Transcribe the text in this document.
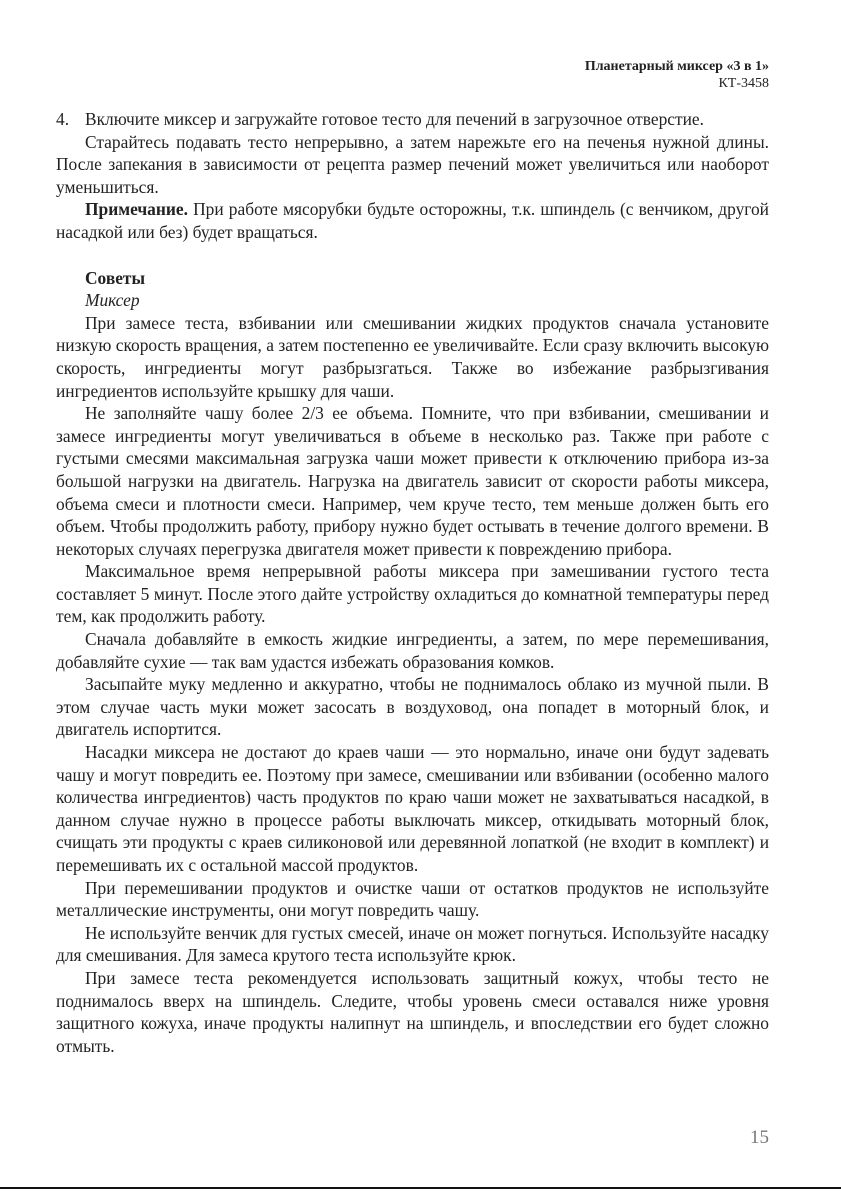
Планетарный миксер «3 в 1»
КТ-3458

4. Включите миксер и загружайте готовое тесто для печений в загрузочное отверстие.

Старайтесь подавать тесто непрерывно, а затем нарежьте его на печенья нужной длины. После запекания в зависимости от рецепта размер печений может увеличиться или наоборот уменьшиться.

Примечание. При работе мясорубки будьте осторожны, т.к. шпиндель (с венчиком, другой насадкой или без) будет вращаться.

Советы

Миксер

При замесе теста, взбивании или смешивании жидких продуктов сначала установите низкую скорость вращения, а затем постепенно ее увеличивайте. Если сразу включить высокую скорость, ингредиенты могут разбрызгаться. Также во избежание разбрызгивания ингредиентов используйте крышку для чаши.

Не заполняйте чашу более 2/3 ее объема. Помните, что при взбивании, смешивании и замесе ингредиенты могут увеличиваться в объеме в несколько раз. Также при работе с густыми смесями максимальная загрузка чаши может привести к отключению прибора из-за большой нагрузки на двигатель. Нагрузка на двигатель зависит от скорости работы миксера, объема смеси и плотности смеси. Например, чем круче тесто, тем меньше должен быть его объем. Чтобы продолжить работу, прибору нужно будет остывать в течение долгого времени. В некоторых случаях перегрузка двигателя может привести к повреждению прибора.

Максимальное время непрерывной работы миксера при замешивании густого теста составляет 5 минут. После этого дайте устройству охладиться до комнатной температуры перед тем, как продолжить работу.

Сначала добавляйте в емкость жидкие ингредиенты, а затем, по мере перемешивания, добавляйте сухие — так вам удастся избежать образования комков.

Засыпайте муку медленно и аккуратно, чтобы не поднималось облако из мучной пыли. В этом случае часть муки может засосать в воздуховод, она попадет в моторный блок, и двигатель испортится.

Насадки миксера не достают до краев чаши — это нормально, иначе они будут задевать чашу и могут повредить ее. Поэтому при замесе, смешивании или взбивании (особенно малого количества ингредиентов) часть продуктов по краю чаши может не захватываться насадкой, в данном случае нужно в процессе работы выключать миксер, откидывать моторный блок, счищать эти продукты с краев силиконовой или деревянной лопаткой (не входит в комплект) и перемешивать их с остальной массой продуктов.

При перемешивании продуктов и очистке чаши от остатков продуктов не используйте металлические инструменты, они могут повредить чашу.

Не используйте венчик для густых смесей, иначе он может погнуться. Используйте насадку для смешивания. Для замеса крутого теста используйте крюк.

При замесе теста рекомендуется использовать защитный кожух, чтобы тесто не поднималось вверх на шпиндель. Следите, чтобы уровень смеси оставался ниже уровня защитного кожуха, иначе продукты налипнут на шпиндель, и впоследствии его будет сложно отмыть.

15
